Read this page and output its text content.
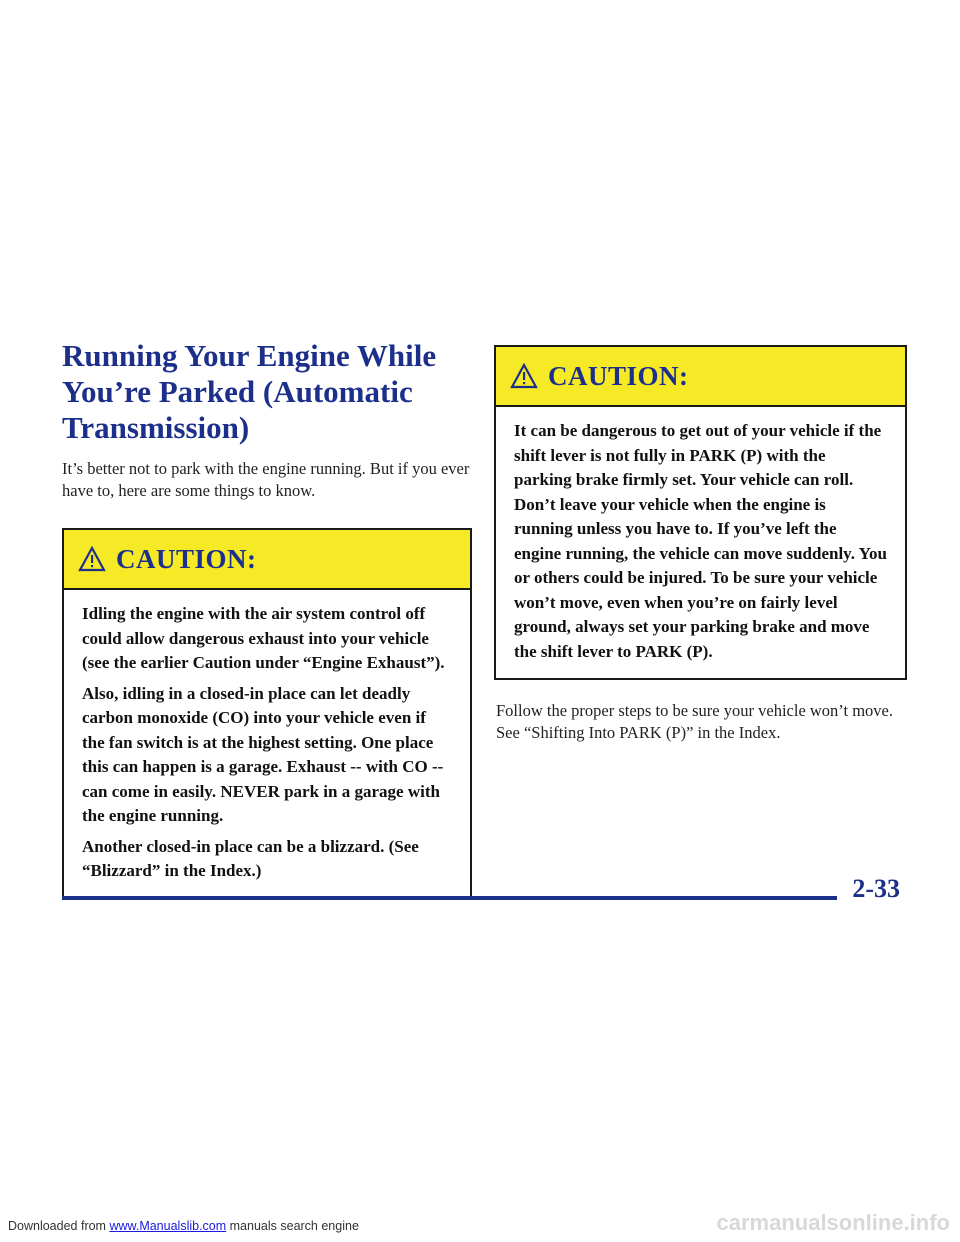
Running Your Engine While You’re Parked (Automatic Transmission)

It’s better not to park with the engine running. But if you ever have to, here are some things to know.

CAUTION:

Idling the engine with the air system control off could allow dangerous exhaust into your vehicle (see the earlier Caution under “Engine Exhaust”).

Also, idling in a closed-in place can let deadly carbon monoxide (CO) into your vehicle even if the fan switch is at the highest setting. One place this can happen is a garage. Exhaust -- with CO -- can come in easily. NEVER park in a garage with the engine running.

Another closed-in place can be a blizzard. (See “Blizzard” in the Index.)

CAUTION:

It can be dangerous to get out of your vehicle if the shift lever is not fully in PARK (P) with the parking brake firmly set. Your vehicle can roll. Don’t leave your vehicle when the engine is running unless you have to. If you’ve left the engine running, the vehicle can move suddenly. You or others could be injured. To be sure your vehicle won’t move, even when you’re on fairly level ground, always set your parking brake and move the shift lever to PARK (P).

Follow the proper steps to be sure your vehicle won’t move. See “Shifting Into PARK (P)” in the Index.

2-33
Downloaded from www.Manualslib.com manuals search engine	carmanualsonline.info
